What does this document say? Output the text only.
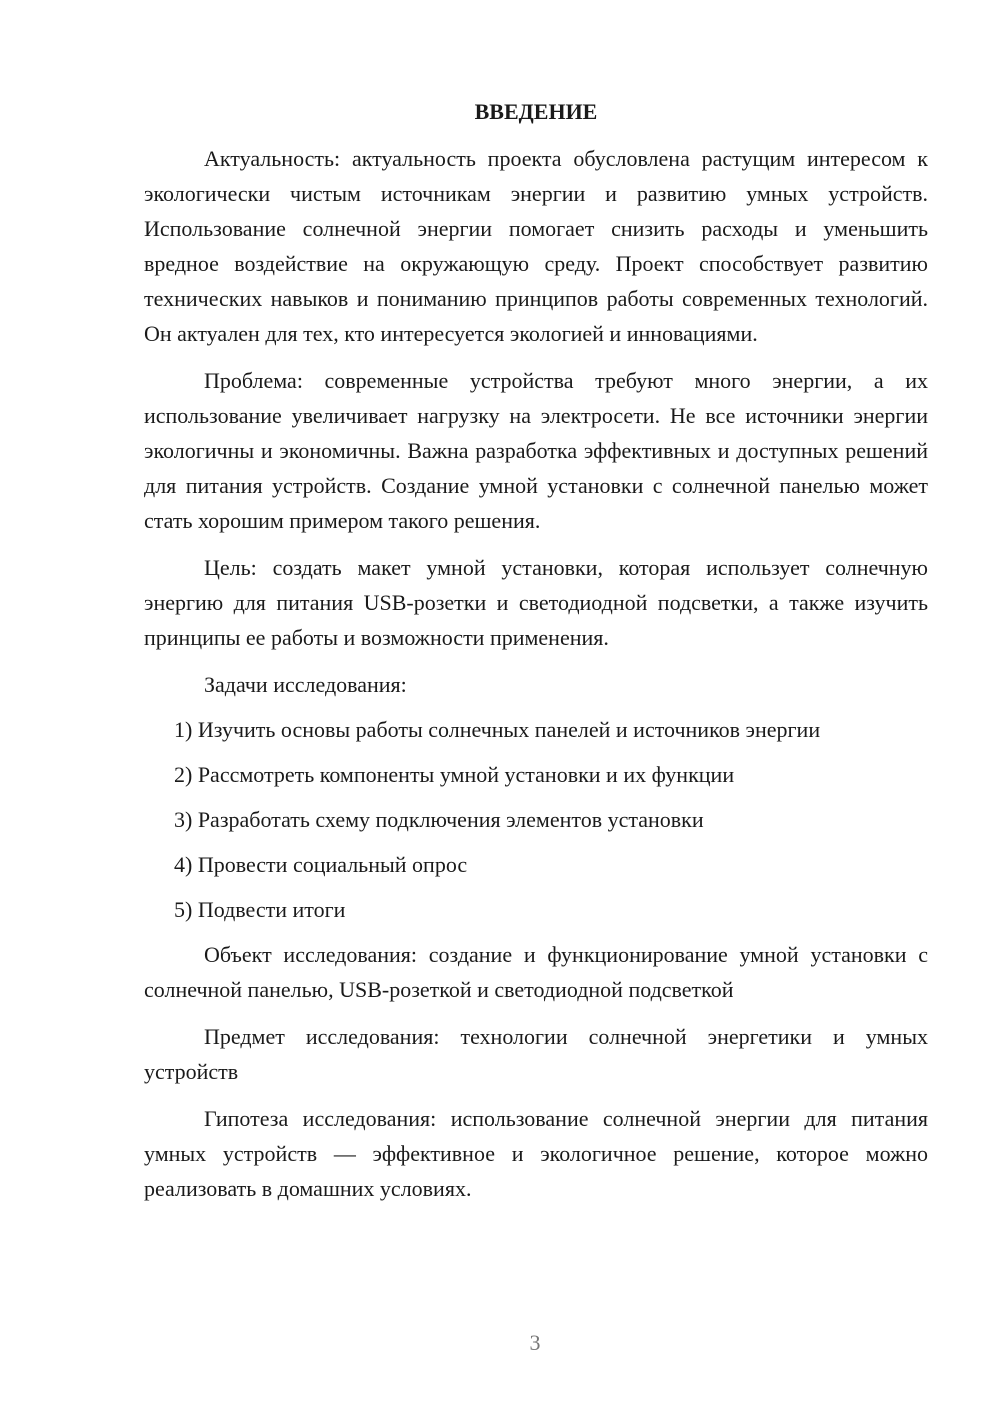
ВВЕДЕНИЕ

Актуальность: актуальность проекта обусловлена растущим интересом к экологически чистым источникам энергии и развитию умных устройств. Использование солнечной энергии помогает снизить расходы и уменьшить вредное воздействие на окружающую среду. Проект способствует развитию технических навыков и пониманию принципов работы современных технологий. Он актуален для тех, кто интересуется экологией и инновациями.

Проблема: современные устройства требуют много энергии, а их использование увеличивает нагрузку на электросети. Не все источники энергии экологичны и экономичны. Важна разработка эффективных и доступных решений для питания устройств. Создание умной установки с солнечной панелью может стать хорошим примером такого решения.

Цель: создать макет умной установки, которая использует солнечную энергию для питания USB-розетки и светодиодной подсветки, а также изучить принципы ее работы и возможности применения.

Задачи исследования:

1) Изучить основы работы солнечных панелей и источников энергии
2) Рассмотреть компоненты умной установки и их функции
3) Разработать схему подключения элементов установки
4) Провести социальный опрос
5) Подвести итоги

Объект исследования: создание и функционирование умной установки с солнечной панелью, USB-розеткой и светодиодной подсветкой

Предмет исследования: технологии солнечной энергетики и умных устройств

Гипотеза исследования: использование солнечной энергии для питания умных устройств — эффективное и экологичное решение, которое можно реализовать в домашних условиях.

3
